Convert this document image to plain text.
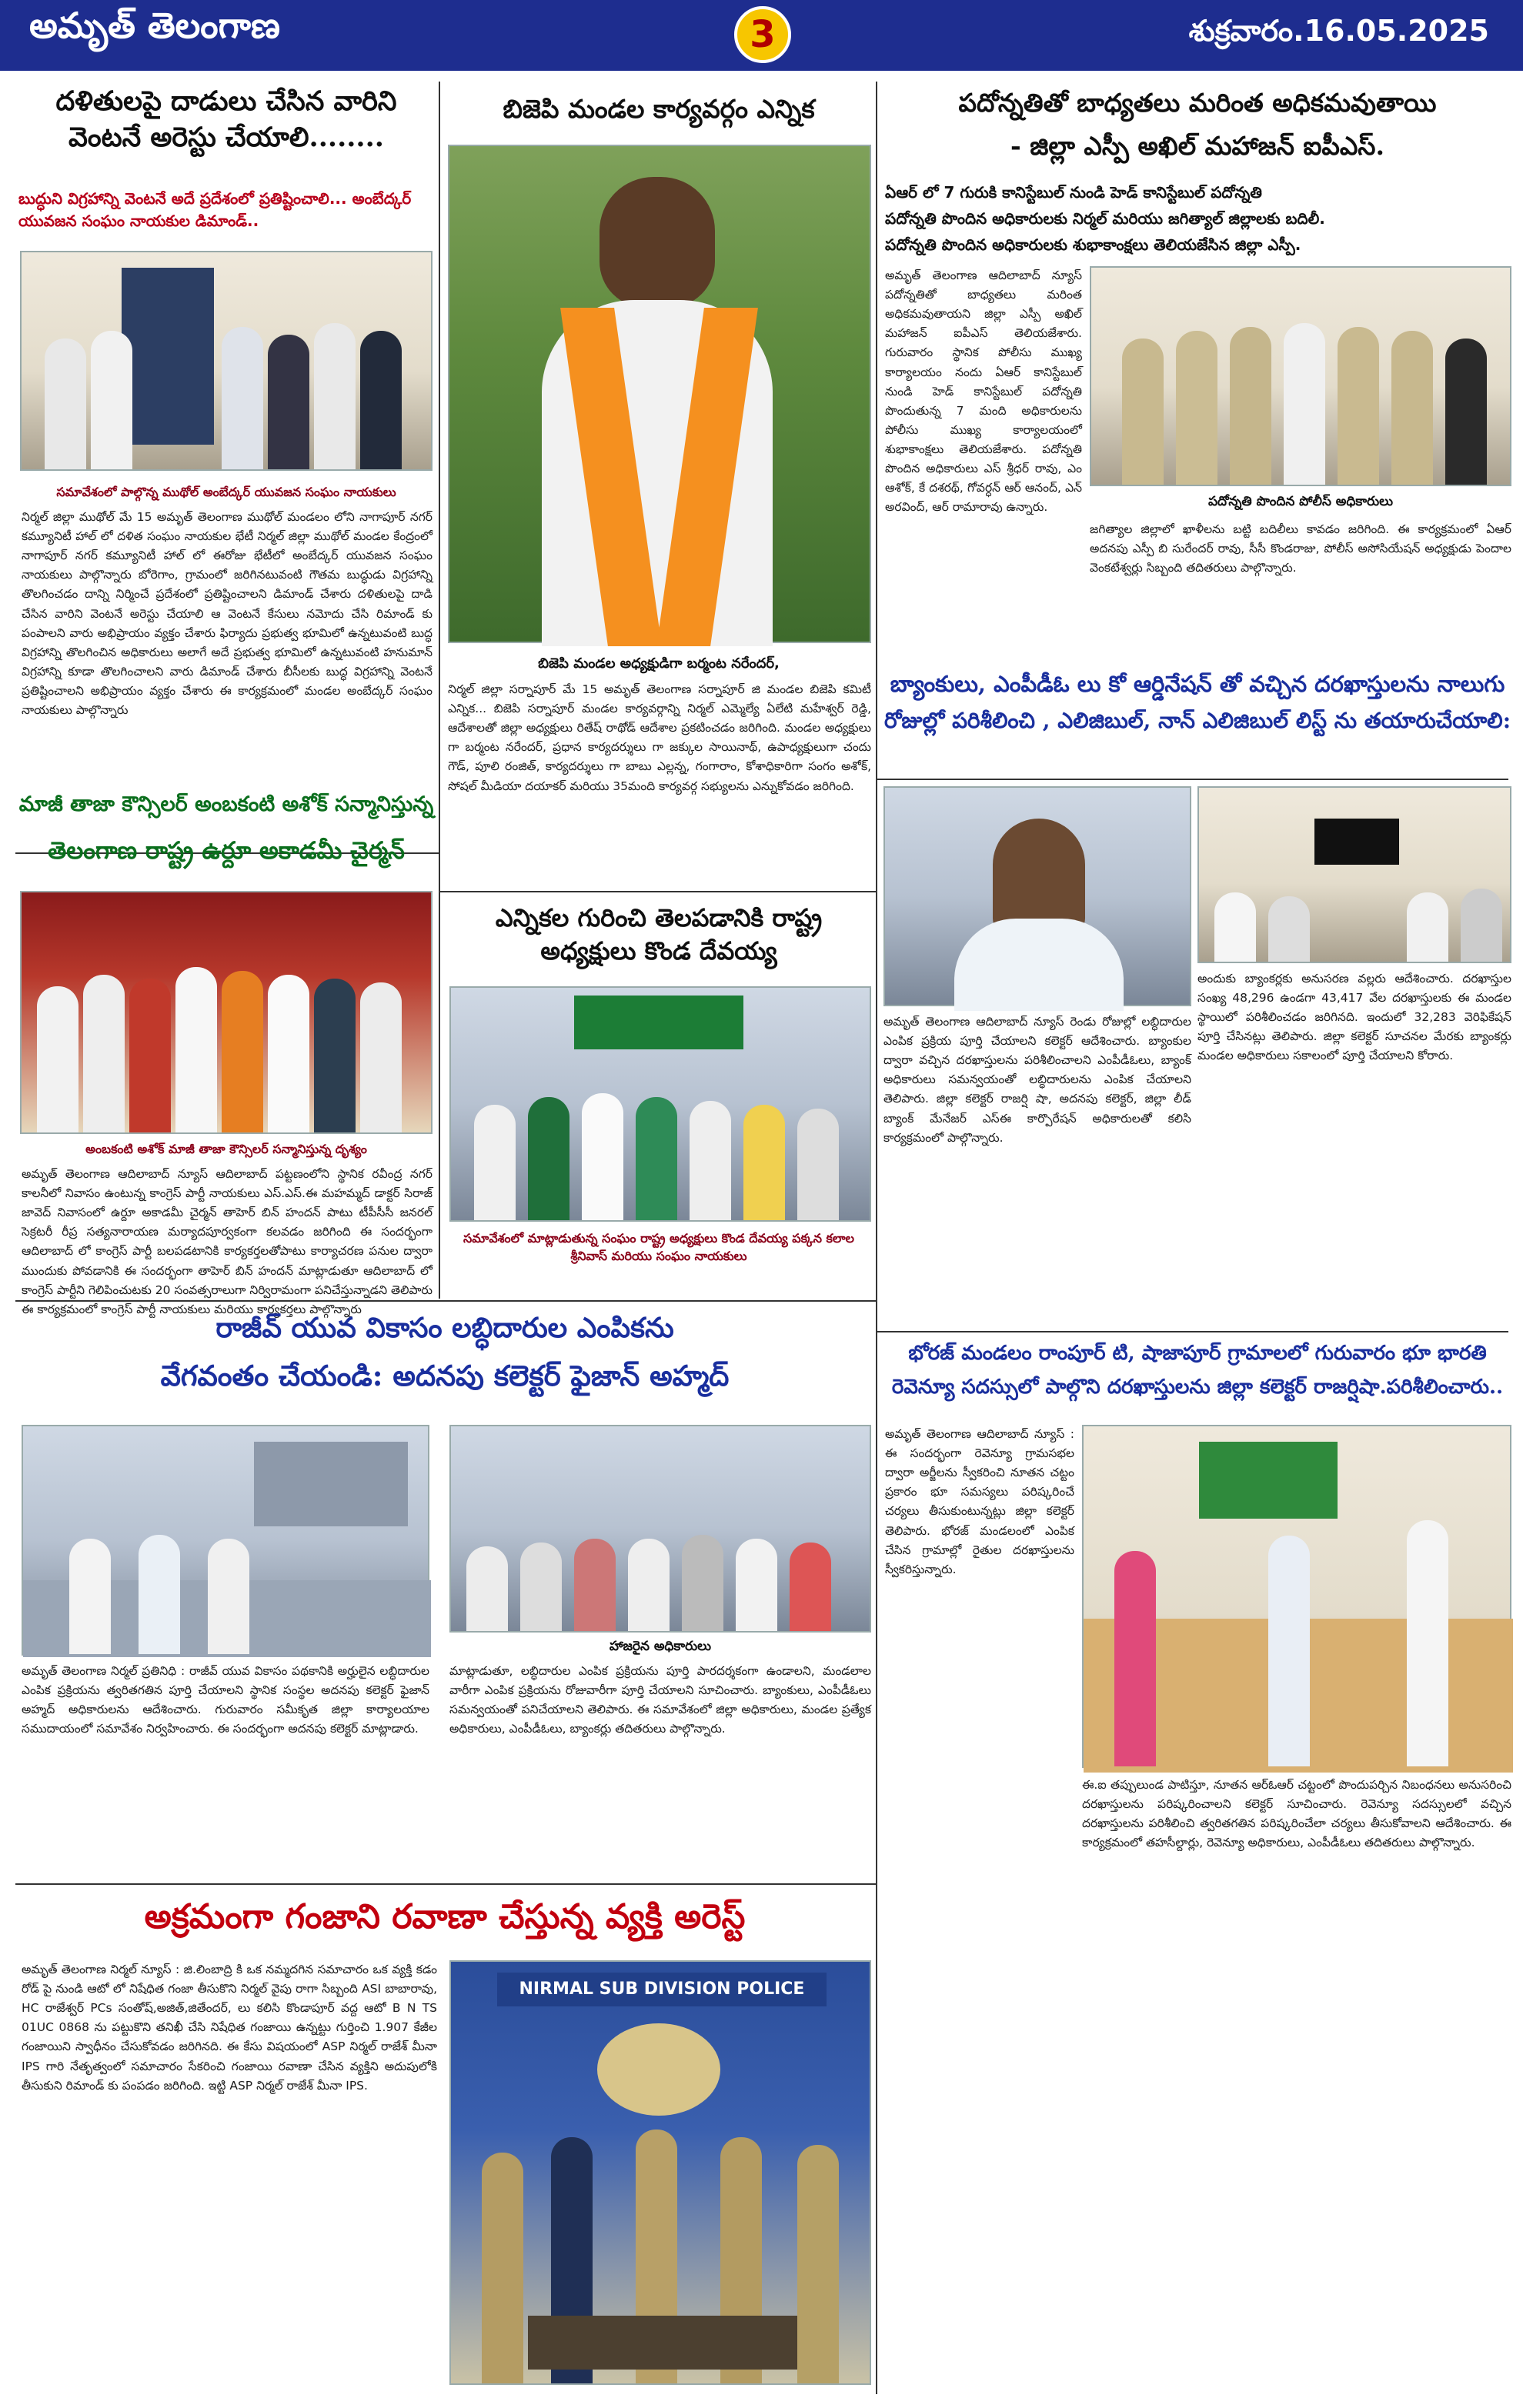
అమృత్ తెలంగాణ	3	శుక్రవారం.16.05.2025
దళితులపై దాడులు చేసిన వారిని వెంటనే అరెస్టు చేయాలి........
బుద్ధుని విగ్రహాన్ని వెంటనే అదే ప్రదేశంలో ప్రతిష్టించాలి... అంబేద్కర్ యువజన సంఘం నాయకుల డిమాండ్..
సమావేశంలో పాల్గొన్న ముథోల్ అంబేద్కర్ యువజన సంఘం నాయకులు
నిర్మల్ జిల్లా ముథోల్ మే 15 అమృత్ తెలంగాణ ముథోల్ మండలం లోని నాగాపూర్ నగర్ కమ్యూనిటీ హాల్ లో దళిత సంఘం నాయకుల భేటీ నిర్మల్ జిల్లా ముథోల్ మండల కేంద్రంలో నాగాపూర్ నగర్ కమ్యూనిటీ హాల్ లో ఈరోజు భేటీలో అంబేద్కర్ యువజన సంఘం నాయకులు పాల్గొన్నారు బోరెగాం, గ్రామంలో జరిగినటువంటి గౌతమ బుద్ధుడు విగ్రహాన్ని తొలగించడం దాన్ని నిర్మించే ప్రదేశంలో ప్రతిష్టించాలని డిమాండ్ చేశారు దళితులపై దాడి చేసిన వారిని వెంటనే అరెస్టు చేయాలి ఆ వెంటనే కేసులు నమోదు చేసి రిమాండ్ కు పంపాలని వారు అభిప్రాయం వ్యక్తం చేశారు ఫిర్యాదు ప్రభుత్వ భూమిలో ఉన్నటువంటి బుద్ధ విగ్రహాన్ని తొలగించిన అధికారులు అలాగే అదే ప్రభుత్వ భూమిలో ఉన్నటువంటి హనుమాన్ విగ్రహాన్ని కూడా తొలగించాలని వారు డిమాండ్ చేశారు బీసీలకు బుద్ధ విగ్రహాన్ని వెంటనే ప్రతిష్టించాలని అభిప్రాయం వ్యక్తం చేశారు ఈ కార్యక్రమంలో మండల అంబేద్కర్ సంఘం నాయకులు పాల్గొన్నారు
మాజీ తాజా కౌన్సిలర్ అంబకంటి అశోక్ సన్మానిస్తున్న
తెలంగాణ రాష్ట్ర ఉర్దూ అకాడమీ చైర్మన్
అంబకంటి అశోక్ మాజీ తాజా కౌన్సిలర్ సన్మానిస్తున్న దృశ్యం
అమృత్ తెలంగాణ ఆదిలాబాద్ న్యూస్ ఆదిలాబాద్ పట్టణంలోని స్థానిక రవీంద్ర నగర్ కాలనీలో నివాసం ఉంటున్న కాంగ్రెస్ పార్టీ నాయకులు ఎస్.ఎస్.ఈ మహమ్మద్ డాక్టర్ సిరాజ్ జావెద్ నివాసంలో ఉర్దూ అకాడమీ చైర్మన్ తాహెర్ బిన్ హందన్ పాటు టీపీసీసీ జనరల్ సెక్రటరీ రీప్ర సత్యనారాయణ మర్యాదపూర్వకంగా కలవడం జరిగింది ఈ సందర్భంగా ఆదిలాబాద్ లో కాంగ్రెస్ పార్టీ బలపడటానికి కార్యకర్తలతోపాటు కార్యాచరణ పనుల ద్వారా ముందుకు పోవడానికి ఈ సందర్భంగా తాహెర్ బిన్ హందన్ మాట్లాడుతూ ఆదిలాబాద్ లో కాంగ్రెస్ పార్టీని గెలిపించుటకు 20 సంవత్సరాలుగా నిర్విరామంగా పనిచేస్తున్నాడని తెలిపారు ఈ కార్యక్రమంలో కాంగ్రెస్ పార్టీ నాయకులు మరియు కార్యకర్తలు పాల్గొన్నారు
బిజెపి మండల కార్యవర్గం ఎన్నిక
బిజెపి మండల అధ్యక్షుడిగా బర్మంట నరేందర్,
నిర్మల్ జిల్లా సర్నాపూర్ మే 15 అమృత్ తెలంగాణ సర్నాపూర్ జి మండల బిజెపి కమిటీ ఎన్నిక... బిజెపి సర్నాపూర్ మండల కార్యవర్గాన్ని నిర్మల్ ఎమ్మెల్యే ఏలేటి మహేశ్వర్ రెడ్డి, ఆదేశాలతో జిల్లా అధ్యక్షులు రితేష్ రాథోడ్ ఆదేశాల ప్రకటించడం జరిగింది. మండల అధ్యక్షులు గా బర్మంట నరేందర్, ప్రధాన కార్యదర్శులు గా జక్కుల సాయినాథ్, ఉపాధ్యక్షులుగా చందు గౌడ్, పూలి రంజిత్, కార్యదర్శులు గా బాబు ఎల్లన్న, గంగారాం, కోశాధికారిగా సంగం అశోక్, సోషల్ మీడియా దయాకర్ మరియు 35మంది కార్యవర్గ సభ్యులను ఎన్నుకోవడం జరిగింది.
ఎన్నికల గురించి తెలపడానికి రాష్ట్ర అధ్యక్షులు కొండ దేవయ్య
సమావేశంలో మాట్లాడుతున్న సంఘం రాష్ట్ర అధ్యక్షులు కొండ దేవయ్య పక్కన కలాల శ్రీనివాస్ మరియు సంఘం నాయకులు
పదోన్నతితో బాధ్యతలు మరింత అధికమవుతాయి
- జిల్లా ఎస్పీ అఖిల్ మహాజన్ ఐపీఎస్.
ఏఆర్ లో 7 గురుకి కానిస్టేబుల్ నుండి హెడ్ కానిస్టేబుల్ పదోన్నతి
పదోన్నతి పొందిన అధికారులకు నిర్మల్ మరియు జగిత్యాల్ జిల్లాలకు బదిలీ.
పదోన్నతి పొందిన అధికారులకు శుభాకాంక్షలు తెలియజేసిన జిల్లా ఎస్పీ.
అమృత్ తెలంగాణ ఆదిలాబాద్ న్యూస్ పదోన్నతితో బాధ్యతలు మరింత అధికమవుతాయని జిల్లా ఎస్పీ అఖిల్ మహాజన్ ఐపీఎస్ తెలియజేశారు. గురువారం స్థానిక పోలీసు ముఖ్య కార్యాలయం నందు ఏఆర్ కానిస్టేబుల్ నుండి హెడ్ కానిస్టేబుల్ పదోన్నతి పొందుతున్న 7 మంది అధికారులను పోలీసు ముఖ్య కార్యాలయంలో శుభాకాంక్షలు తెలియజేశారు. పదోన్నతి పొందిన అధికారులు ఎస్ శ్రీధర్ రావు, ఎం ఆశోక్, కే దశరథ్, గోవర్ధన్ ఆర్ ఆనంద్, ఎన్ అరవింద్, ఆర్ రామారావు ఉన్నారు.	పదోన్నతి పొందిన పోలీస్ అధికారులు
జగిత్యాల జిల్లాలో ఖాళీలను బట్టి బదిలీలు కావడం జరిగింది. ఈ కార్యక్రమంలో ఏఆర్ అదనపు ఎస్పీ బి సురేందర్ రావు, సీసీ కొండరాజు, పోలీస్ అసోసియేషన్ అధ్యక్షుడు పెందాల వెంకటేశ్వర్లు సిబ్బంది తదితరులు పాల్గొన్నారు.
బ్యాంకులు, ఎంపీడీఓ లు కో ఆర్డినేషన్ తో వచ్చిన దరఖాస్తులను నాలుగు
రోజుల్లో పరిశీలించి , ఎలిజిబుల్, నాన్ ఎలిజిబుల్ లిస్ట్ ను తయారుచేయాలి:
అమృత్ తెలంగాణ ఆదిలాబాద్ న్యూస్ రెండు రోజుల్లో లబ్ధిదారుల ఎంపిక ప్రక్రియ పూర్తి చేయాలని కలెక్టర్ ఆదేశించారు. బ్యాంకుల ద్వారా వచ్చిన దరఖాస్తులను పరిశీలించాలని ఎంపీడీఓలు, బ్యాంక్ అధికారులు సమన్వయంతో లబ్ధిదారులను ఎంపిక చేయాలని తెలిపారు. జిల్లా కలెక్టర్ రాజర్షి షా, అదనపు కలెక్టర్, జిల్లా లీడ్ బ్యాంక్ మేనేజర్ ఎస్ఈ కార్పొరేషన్ అధికారులతో కలిసి కార్యక్రమంలో పాల్గొన్నారు.
అందుకు బ్యాంకర్లకు అనుసరణ వల్లరు ఆదేశించారు. దరఖాస్తుల సంఖ్య 48,296 ఉండగా 43,417 వేల దరఖాస్తులకు ఈ మండల స్థాయిలో పరిశీలించడం జరిగినది. ఇందులో 32,283 వెరిఫికేషన్ పూర్తి చేసినట్లు తెలిపారు. జిల్లా కలెక్టర్ సూచనల మేరకు బ్యాంకర్లు మండల అధికారులు సకాలంలో పూర్తి చేయాలని కోరారు.
భోరజ్ మండలం రాంపూర్ టి, షాజాపూర్ గ్రామాలలో గురువారం భూ భారతి
రెవెన్యూ సదస్సులో పాల్గొని దరఖాస్తులను జిల్లా కలెక్టర్ రాజర్షిషా.పరిశీలించారు..
అమృత్ తెలంగాణ ఆదిలాబాద్ న్యూస్ : ఈ సందర్భంగా రెవెన్యూ గ్రామసభల ద్వారా అర్జీలను స్వీకరించి నూతన చట్టం ప్రకారం భూ సమస్యలు పరిష్కరించే చర్యలు తీసుకుంటున్నట్లు జిల్లా కలెక్టర్ తెలిపారు. భోరజ్ మండలంలో ఎంపిక చేసిన గ్రామాల్లో రైతుల దరఖాస్తులను స్వీకరిస్తున్నారు.
ఈ.ఐ తప్పులుండ పాటిస్తూ, నూతన ఆర్ఓఆర్ చట్టంలో పొందుపర్చిన నిబంధనలు అనుసరించి దరఖాస్తులను పరిష్కరించాలని కలెక్టర్ సూచించారు. రెవెన్యూ సదస్సులలో వచ్చిన దరఖాస్తులను పరిశీలించి త్వరితగతిన పరిష్కరించేలా చర్యలు తీసుకోవాలని ఆదేశించారు. ఈ కార్యక్రమంలో తహసీల్దార్లు, రెవెన్యూ అధికారులు, ఎంపీడీఓలు తదితరులు పాల్గొన్నారు.
రాజీవ్ యువ వికాసం లబ్ధిదారుల ఎంపికను
వేగవంతం చేయండి: అదనపు కలెక్టర్ ఫైజాన్ అహ్మద్
హాజరైన అధికారులు
అమృత్ తెలంగాణ నిర్మల్ ప్రతినిధి : రాజీవ్ యువ వికాసం పథకానికి అర్హులైన లబ్ధిదారుల ఎంపిక ప్రక్రియను త్వరితగతిన పూర్తి చేయాలని స్థానిక సంస్థల అదనపు కలెక్టర్ ఫైజాన్ అహ్మద్ అధికారులను ఆదేశించారు. గురువారం సమీకృత జిల్లా కార్యాలయాల సముదాయంలో సమావేశం నిర్వహించారు. ఈ సందర్భంగా అదనపు కలెక్టర్ మాట్లాడారు.
మాట్లాడుతూ, లబ్ధిదారుల ఎంపిక ప్రక్రియను పూర్తి పారదర్శకంగా ఉండాలని, మండలాల వారీగా ఎంపిక ప్రక్రియను రోజువారీగా పూర్తి చేయాలని సూచించారు. బ్యాంకులు, ఎంపీడీఓలు సమన్వయంతో పనిచేయాలని తెలిపారు. ఈ సమావేశంలో జిల్లా అధికారులు, మండల ప్రత్యేక అధికారులు, ఎంపీడీఓలు, బ్యాంకర్లు తదితరులు పాల్గొన్నారు.
అక్రమంగా గంజాని రవాణా చేస్తున్న వ్యక్తి అరెస్ట్
అమృత్ తెలంగాణ నిర్మల్ న్యూస్ : జి.లింబాద్రి కి ఒక నమ్మదగిన సమాచారం ఒక వ్యక్తి కడం రోడ్ పై నుండి ఆటో లో నిషేధిత గంజా తీసుకొని నిర్మల్ వైపు రాగా సిబ్బంది ASI బాబారావు, HC రాజేశ్వర్ PCs సంతోష్,అజిత్,జితేందర్, లు కలిసి కొండాపూర్ వద్ద ఆటో B N TS 01UC 0868 ను పట్టుకొని తనిఖీ చేసి నిషేధిత గంజాయి ఉన్నట్టు గుర్తించి 1.907 కేజీల గంజాయిని స్వాధీనం చేసుకోవడం జరిగినది. ఈ కేసు విషయంలో ASP నిర్మల్ రాజేశ్ మీనా IPS గారి నేతృత్వంలో సమాచారం సేకరించి గంజాయి రవాణా చేసిన వ్యక్తిని అదుపులోకి తీసుకుని రిమాండ్ కు పంపడం జరిగింది. ఇట్టి ASP నిర్మల్ రాజేశ్ మీనా IPS.
NIRMAL SUB DIVISION POLICE
